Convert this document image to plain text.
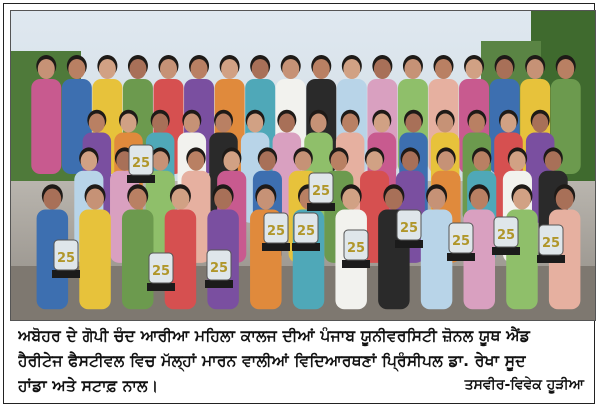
25
25	25
25 25
25
25
25 25
25
25
25
ਅਬੋਹਰ ਦੇ ਗੋਪੀ ਚੰਦ ਆਰੀਆ ਮਹਿਲਾ ਕਾਲਜ ਦੀਆਂ ਪੰਜਾਬ ਯੂਨੀਵਰਸਿਟੀ ਜ਼ੋਨਲ ਯੂਥ ਐਂਡ
ਹੈਰੀਟੇਜ ਫੈਸਟੀਵਲ ਵਿਚ ਮੱਲ੍ਹਾਂ ਮਾਰਨ ਵਾਲੀਆਂ ਵਿਦਿਆਰਥਣਾਂ ਪ੍ਰਿੰਸੀਪਲ ਡਾ. ਰੇਖਾ ਸੂਦ
ਹਾਂਡਾ ਅਤੇ ਸਟਾਫ਼ ਨਾਲ।	ਤਸਵੀਰ-ਵਿਵੇਕ ਹੂੜੀਆ
